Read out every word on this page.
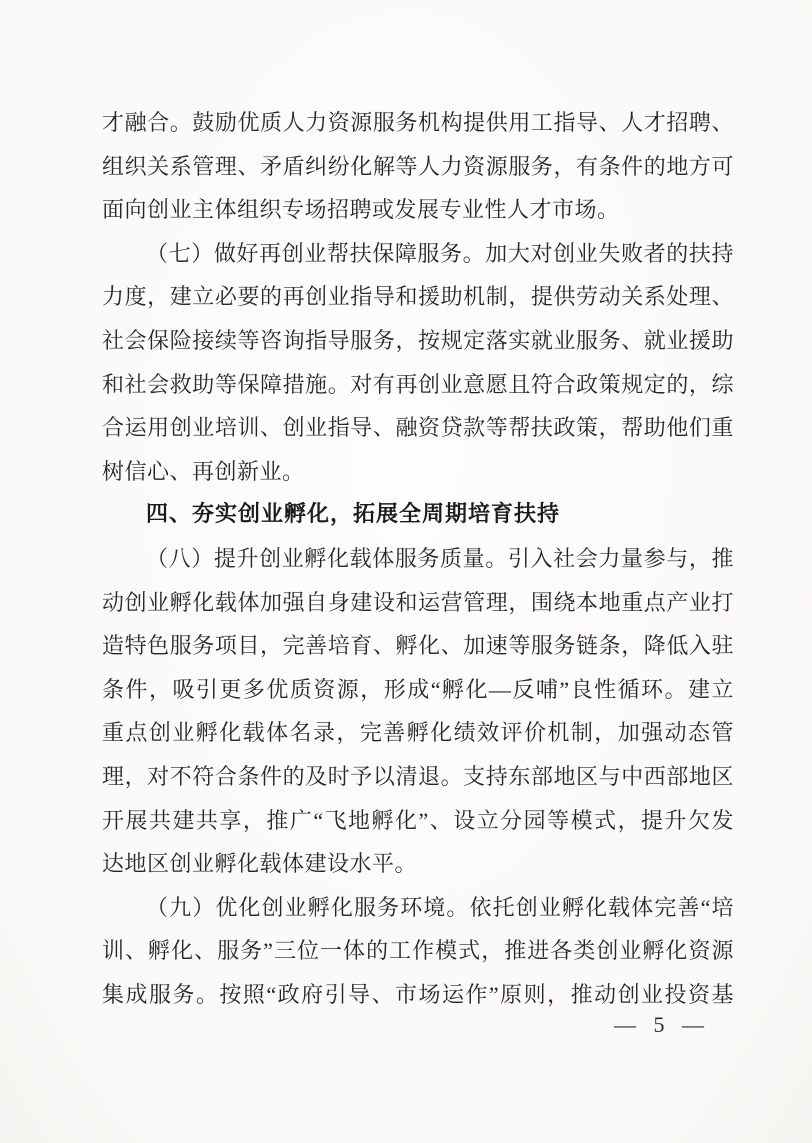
才融合。鼓励优质人力资源服务机构提供用工指导、人才招聘、

组织关系管理、矛盾纠纷化解等人力资源服务，有条件的地方可

面向创业主体组织专场招聘或发展专业性人才市场。

（七）做好再创业帮扶保障服务。加大对创业失败者的扶持

力度，建立必要的再创业指导和援助机制，提供劳动关系处理、

社会保险接续等咨询指导服务，按规定落实就业服务、就业援助

和社会救助等保障措施。对有再创业意愿且符合政策规定的，综

合运用创业培训、创业指导、融资贷款等帮扶政策，帮助他们重

树信心、再创新业。

四、夯实创业孵化，拓展全周期培育扶持

（八）提升创业孵化载体服务质量。引入社会力量参与，推

动创业孵化载体加强自身建设和运营管理，围绕本地重点产业打

造特色服务项目，完善培育、孵化、加速等服务链条，降低入驻

条件，吸引更多优质资源，形成“孵化—反哺”良性循环。建立

重点创业孵化载体名录，完善孵化绩效评价机制，加强动态管

理，对不符合条件的及时予以清退。支持东部地区与中西部地区

开展共建共享，推广“飞地孵化”、设立分园等模式，提升欠发

达地区创业孵化载体建设水平。

（九）优化创业孵化服务环境。依托创业孵化载体完善“培

训、孵化、服务”三位一体的工作模式，推进各类创业孵化资源

集成服务。按照“政府引导、市场运作”原则，推动创业投资基

— 5 —
